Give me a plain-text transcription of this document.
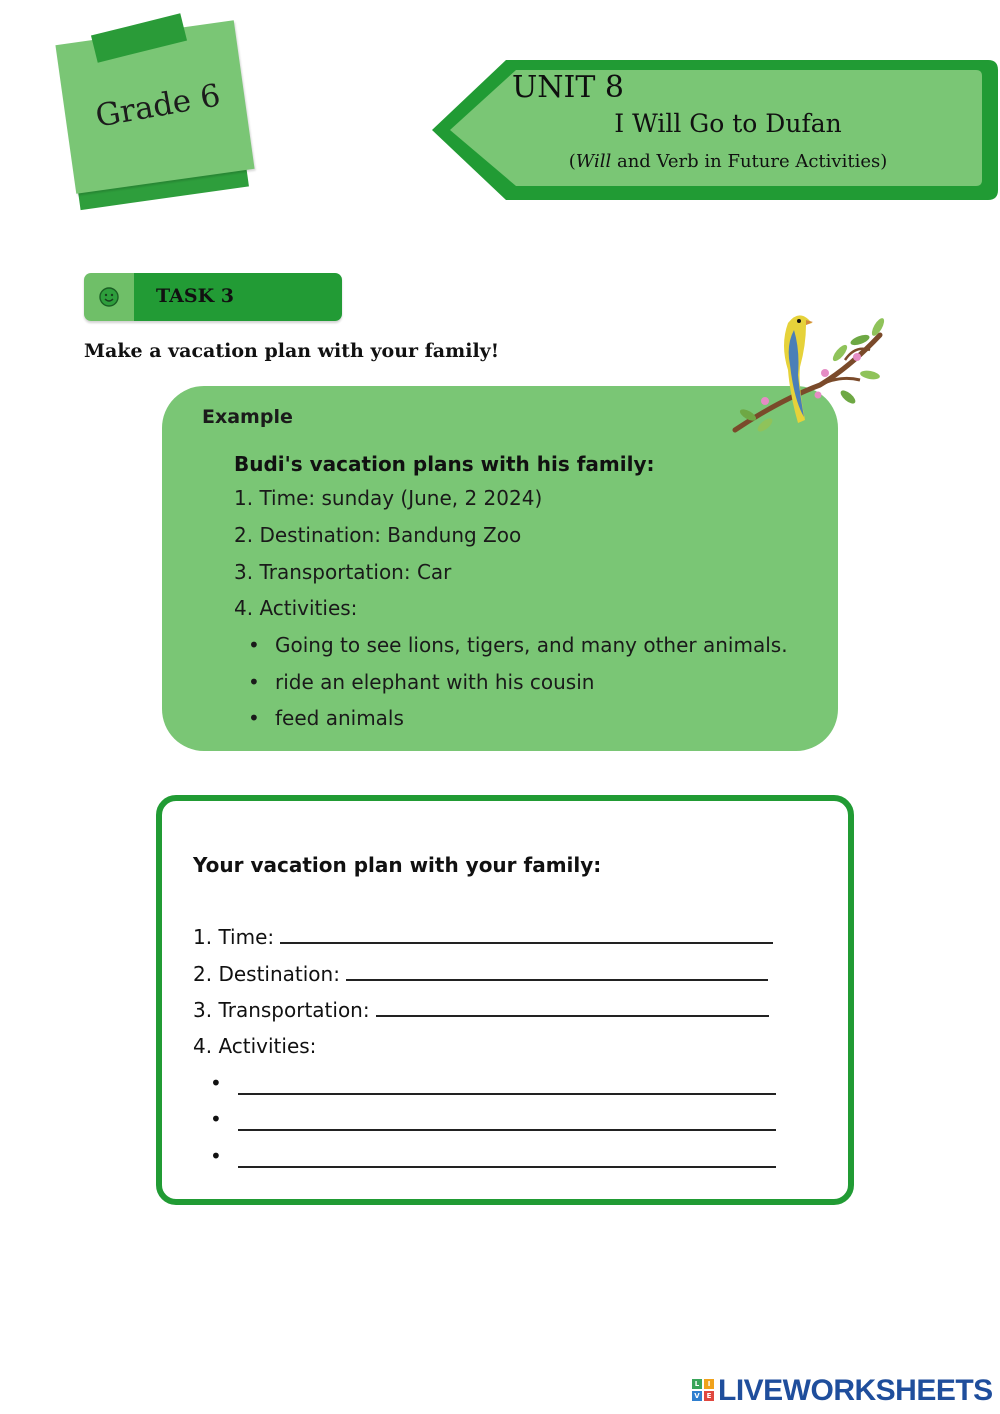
Grade 6	UNIT 8
I Will Go to Dufan
(Will and Verb in Future Activities)
TASK 3
Make a vacation plan with your family!
Example
Budi's vacation plans with his family:
1. Time: sunday (June, 2 2024)
2. Destination: Bandung Zoo
3. Transportation: Car
4. Activities:
• Going to see lions, tigers, and many other animals.
• ride an elephant with his cousin
• feed animals
Your vacation plan with your family:
1. Time:
2. Destination:
3. Transportation:
4. Activities:
•
•
•
L	I
V E LIVEWORKSHEETS
